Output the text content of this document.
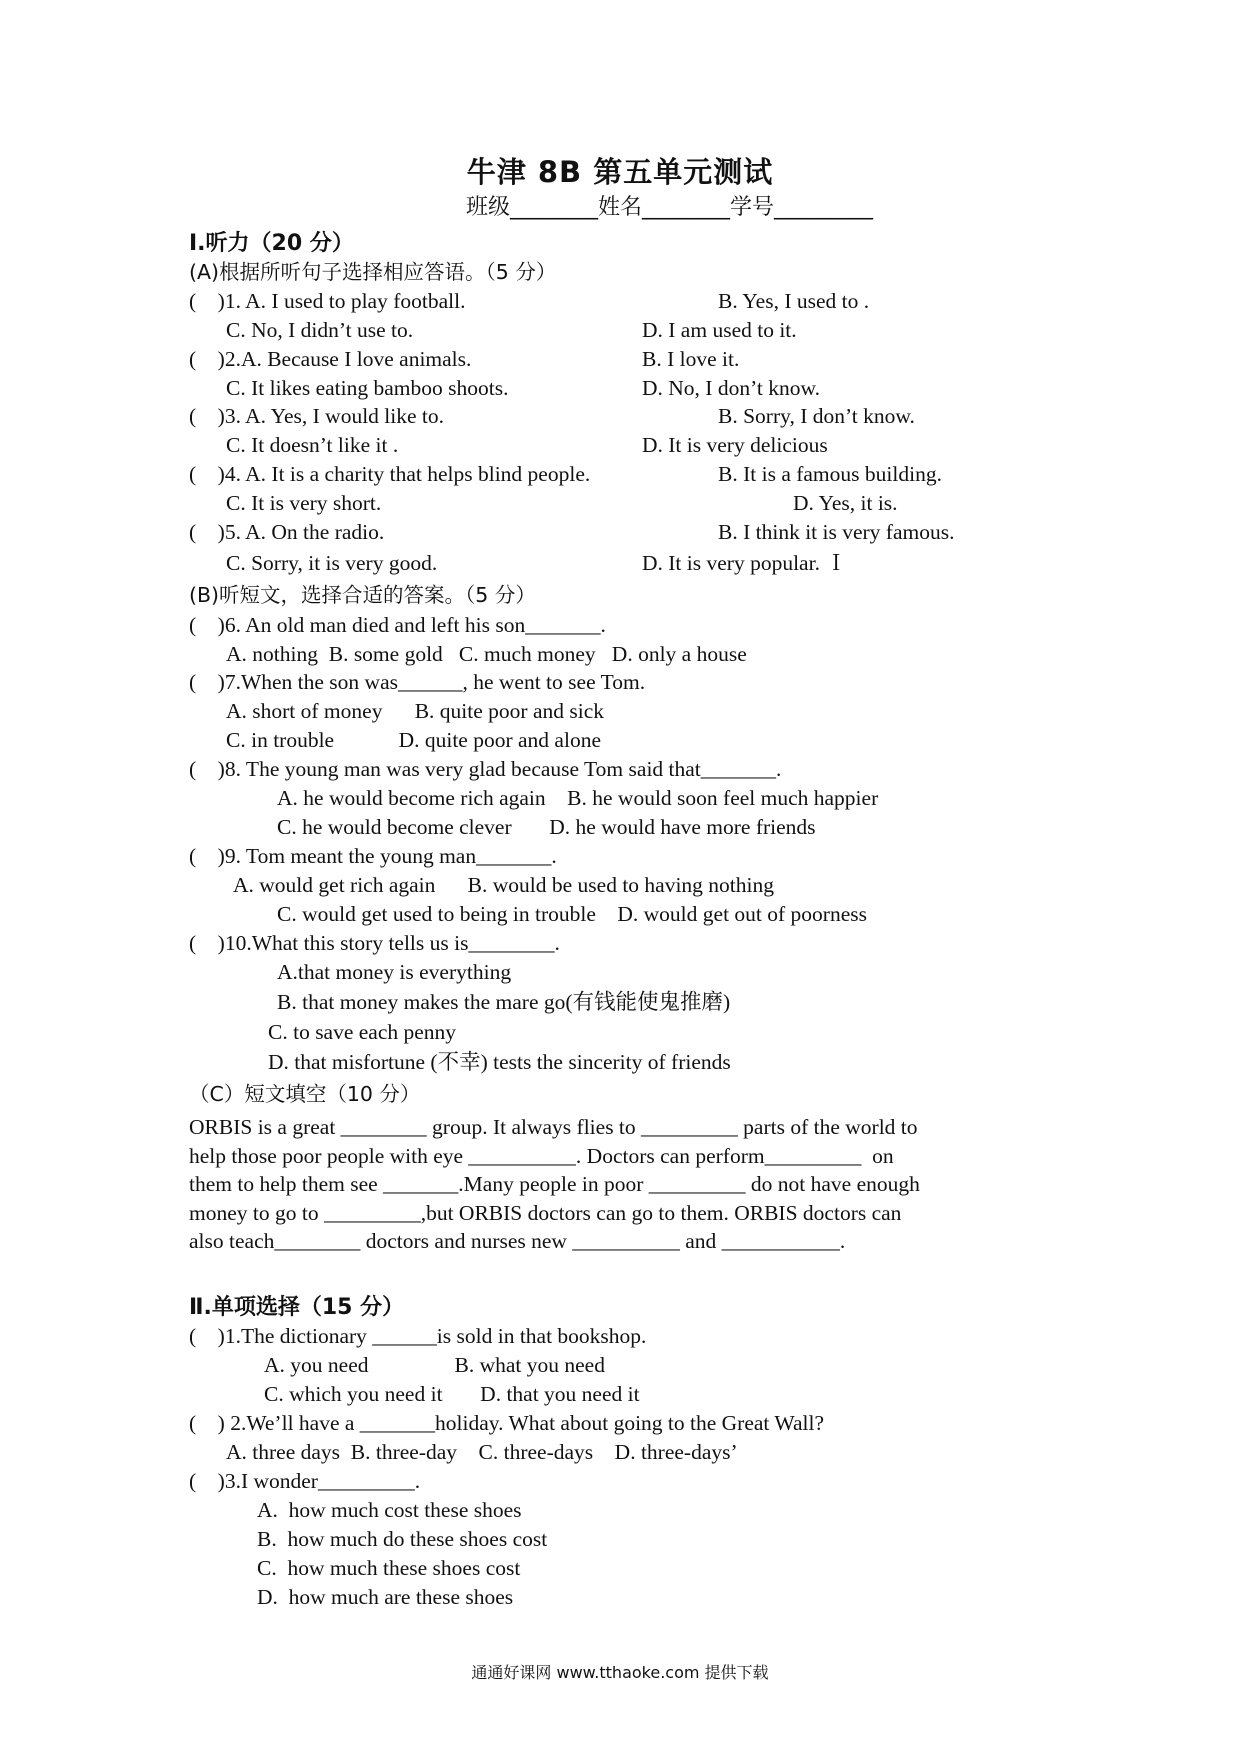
牛津 8B 第五单元测试
班级________姓名________学号_________
Ⅰ.听力（20 分）
(A)根据所听句子选择相应答语。（5 分）
(    )1. A. I used to play football.	B. Yes, I used to .
C. No, I didn’t use to.	D. I am used to it.
(    )2.A. Because I love animals.	B. I love it.
C. It likes eating bamboo shoots.	D. No, I don’t know.
(    )3. A. Yes, I would like to.	B. Sorry, I don’t know.
C. It doesn’t like it .	D. It is very delicious
(    )4. A. It is a charity that helps blind people.	B. It is a famous building.
C. It is very short.	D. Yes, it is.
(    )5. A. On the radio.	B. I think it is very famous.
C. Sorry, it is very good.	D. It is very popular. Ｉ
(B)听短文，选择合适的答案。（5 分）
(    )6. An old man died and left his son_______.
A. nothing  B. some gold   C. much money   D. only a house
(    )7.When the son was______, he went to see Tom.
A. short of money      B. quite poor and sick
C. in trouble            D. quite poor and alone
(    )8. The young man was very glad because Tom said that_______.
A. he would become rich again    B. he would soon feel much happier
C. he would become clever       D. he would have more friends
(    )9. Tom meant the young man_______.
A. would get rich again      B. would be used to having nothing
C. would get used to being in trouble    D. would get out of poorness
(    )10.What this story tells us is________.
A.that money is everything
B. that money makes the mare go(有钱能使鬼推磨)
C. to save each penny
D. that misfortune (不幸) tests the sincerity of friends
（C）短文填空（10 分）
ORBIS is a great ________ group. It always flies to _________ parts of the world to
help those poor people with eye __________. Doctors can perform_________  on
them to help them see _______.Many people in poor _________ do not have enough
money to go to _________,but ORBIS doctors can go to them. ORBIS doctors can
also teach________ doctors and nurses new __________ and ___________.
Ⅱ.单项选择（15 分）
(    )1.The dictionary ______is sold in that bookshop.
A. you need                B. what you need
C. which you need it       D. that you need it
(    ) 2.We’ll have a _______holiday. What about going to the Great Wall?
A. three days  B. three-day    C. three-days    D. three-days’
(    )3.I wonder_________.
A.  how much cost these shoes
B.  how much do these shoes cost
C.  how much these shoes cost
D.  how much are these shoes
通通好课网 www.tthaoke.com 提供下载
